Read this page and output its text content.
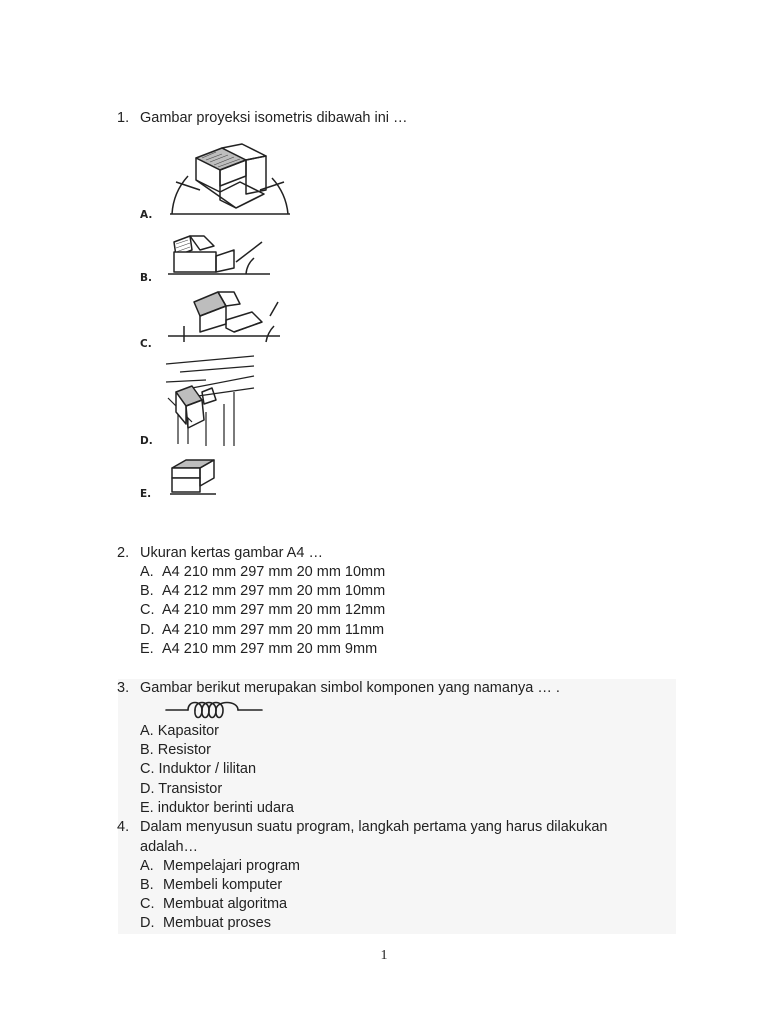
1. Gambar proyeksi isometris dibawah ini …
A.
B.
C.
D.
E.
2. Ukuran kertas gambar A4 …
A. A4 210 mm 297 mm 20 mm 10mm
B. A4 212 mm 297 mm 20 mm 10mm
C. A4 210 mm 297 mm 20 mm 12mm
D. A4 210 mm 297 mm 20 mm 11mm
E. A4 210 mm 297 mm 20 mm 9mm
3. Gambar berikut merupakan simbol komponen yang namanya … .
A. Kapasitor
B. Resistor
C. Induktor / lilitan
D. Transistor
E. induktor berinti udara
4. Dalam menyusun suatu program, langkah pertama yang harus dilakukan
adalah…
A. Mempelajari program
B. Membeli komputer
C. Membuat algoritma
D. Membuat proses
1
